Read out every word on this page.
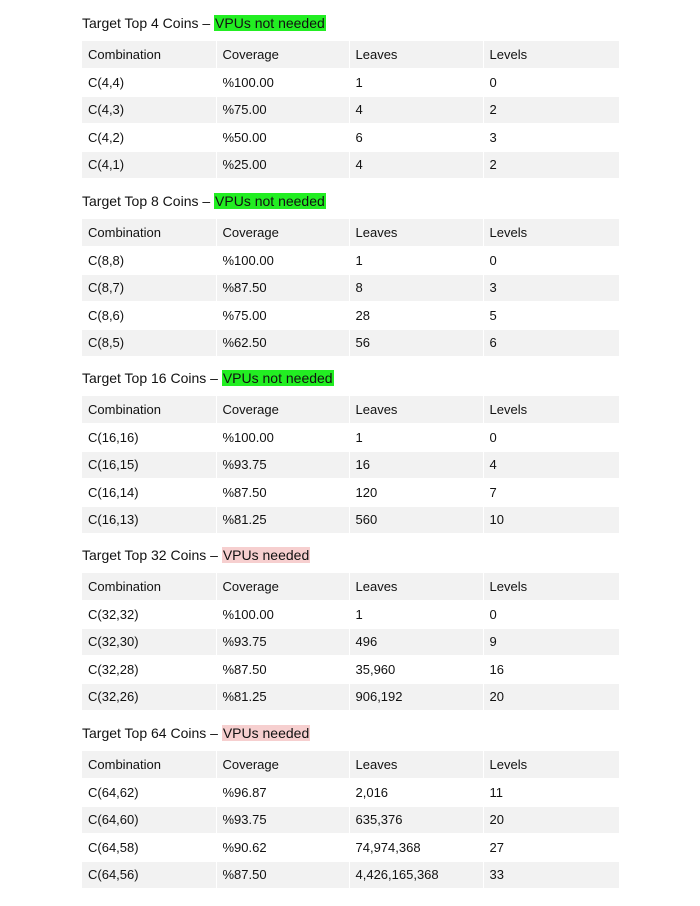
Target Top 4 Coins – VPUs not needed
Combination	Coverage	Leaves	Levels
C(4,4)	%100.00	1	0
C(4,3)	%75.00	4	2
C(4,2)	%50.00	6	3
C(4,1)	%25.00	4	2
Target Top 8 Coins – VPUs not needed
Combination	Coverage	Leaves	Levels
C(8,8)	%100.00	1	0
C(8,7)	%87.50	8	3
C(8,6)	%75.00	28	5
C(8,5)	%62.50	56	6
Target Top 16 Coins – VPUs not needed
Combination	Coverage	Leaves	Levels
C(16,16)	%100.00	1	0
C(16,15)	%93.75	16	4
C(16,14)	%87.50	120	7
C(16,13)	%81.25	560	10
Target Top 32 Coins – VPUs needed
Combination	Coverage	Leaves	Levels
C(32,32)	%100.00	1	0
C(32,30)	%93.75	496	9
C(32,28)	%87.50	35,960	16
C(32,26)	%81.25	906,192	20
Target Top 64 Coins – VPUs needed
Combination	Coverage	Leaves	Levels
C(64,62)	%96.87	2,016	11
C(64,60)	%93.75	635,376	20
C(64,58)	%90.62	74,974,368	27
C(64,56)	%87.50	4,426,165,368	33
